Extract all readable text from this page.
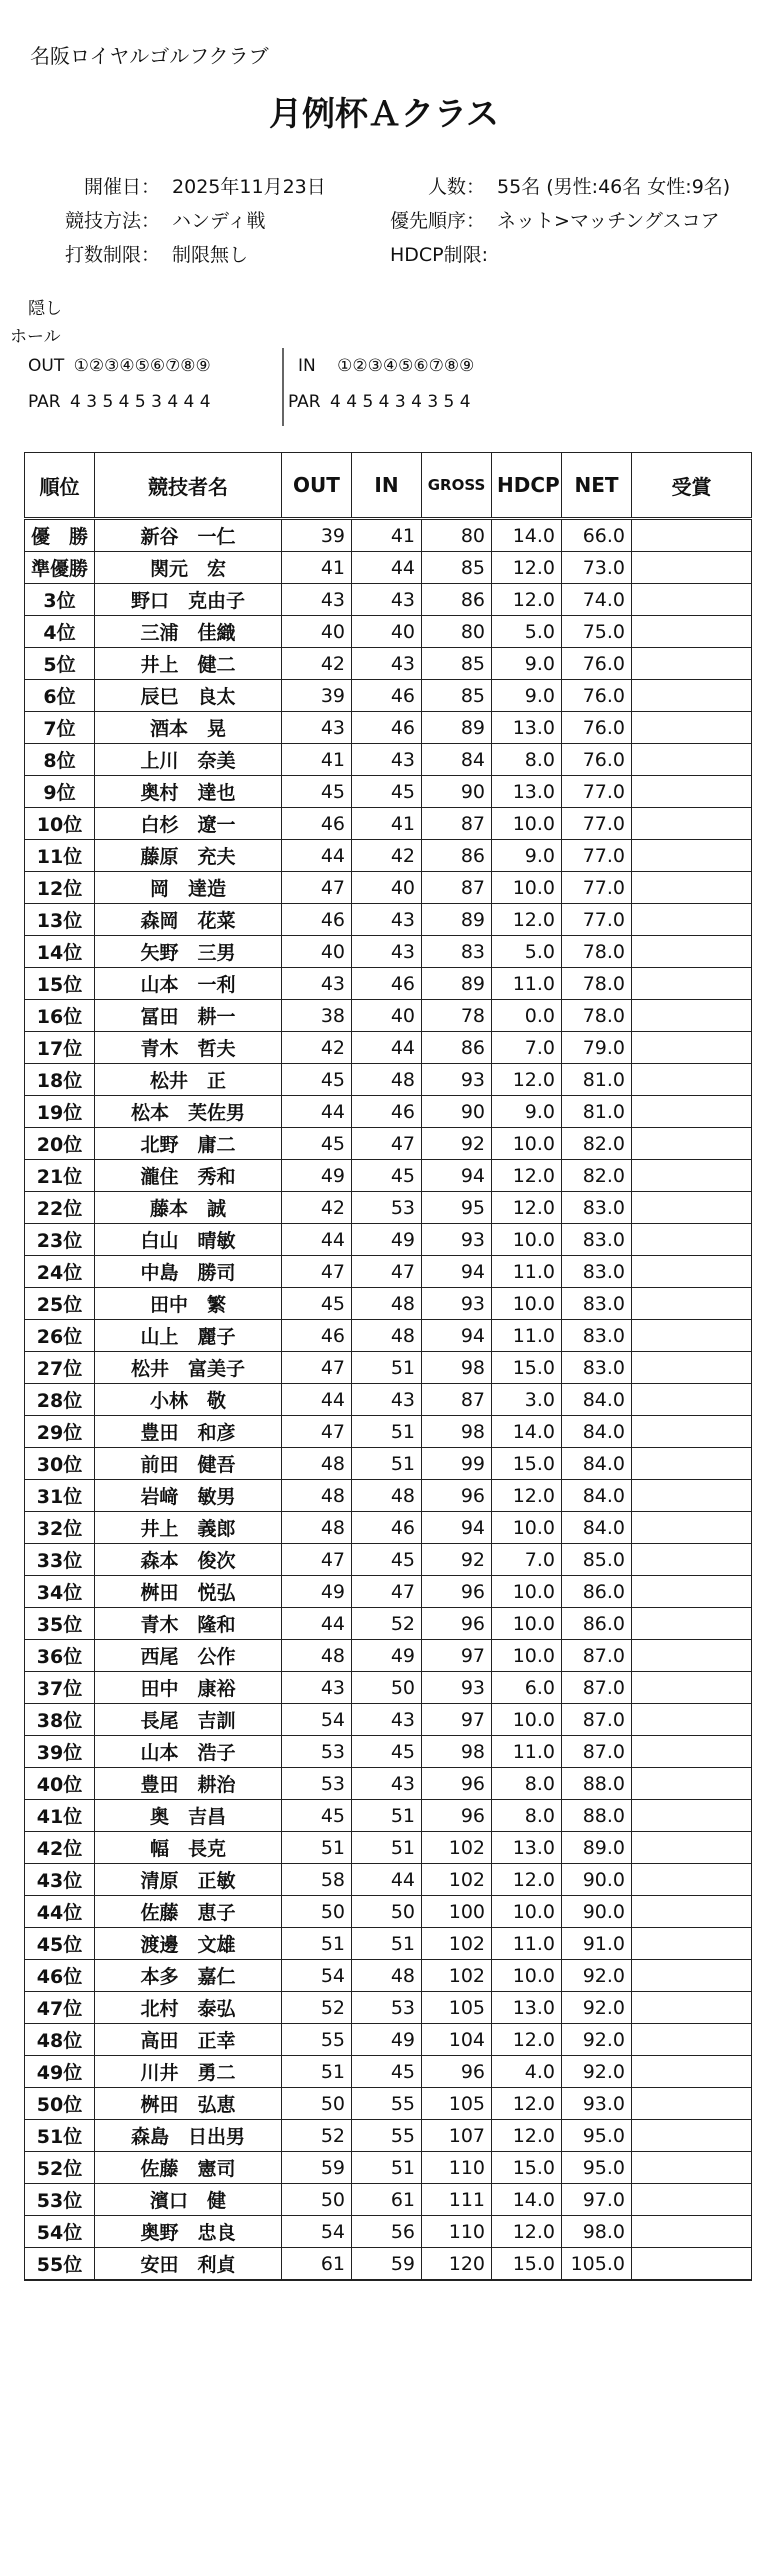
名阪ロイヤルゴルフクラブ
月例杯Ａクラス
開催日： 2025年11月23日	人数： 55名 (男性:46名 女性:9名)
競技方法： ハンディ戦	優先順序： ネット>マッチングスコア
打数制限： 制限無し	HDCP制限:
隠し
ホール
OUT ①②③④⑤⑥⑦⑧⑨	IN ①②③④⑤⑥⑦⑧⑨
PAR 4 3 5 4 5 3 4 4 4	PAR 4 4 5 4 3 4 3 5 4
順位	競技者名	OUT	IN	GROSS	HDCP	NET	受賞
優　勝	新谷　一仁	39	41	80	14.0	66.0	
準優勝	関元　宏	41	44	85	12.0	73.0	
3位	野口　克由子	43	43	86	12.0	74.0	
4位	三浦　佳織	40	40	80	5.0	75.0	
5位	井上　健二	42	43	85	9.0	76.0	
6位	辰巳　良太	39	46	85	9.0	76.0	
7位	酒本　晃	43	46	89	13.0	76.0	
8位	上川　奈美	41	43	84	8.0	76.0	
9位	奥村　達也	45	45	90	13.0	77.0	
10位	白杉　遼一	46	41	87	10.0	77.0	
11位	藤原　充夫	44	42	86	9.0	77.0	
12位	岡　達造	47	40	87	10.0	77.0	
13位	森岡　花菜	46	43	89	12.0	77.0	
14位	矢野　三男	40	43	83	5.0	78.0	
15位	山本　一利	43	46	89	11.0	78.0	
16位	冨田　耕一	38	40	78	0.0	78.0	
17位	青木　哲夫	42	44	86	7.0	79.0	
18位	松井　正	45	48	93	12.0	81.0	
19位	松本　芙佐男	44	46	90	9.0	81.0	
20位	北野　庸二	45	47	92	10.0	82.0	
21位	瀧住　秀和	49	45	94	12.0	82.0	
22位	藤本　誠	42	53	95	12.0	83.0	
23位	白山　晴敏	44	49	93	10.0	83.0	
24位	中島　勝司	47	47	94	11.0	83.0	
25位	田中　繁	45	48	93	10.0	83.0	
26位	山上　麗子	46	48	94	11.0	83.0	
27位	松井　富美子	47	51	98	15.0	83.0	
28位	小林　敬	44	43	87	3.0	84.0	
29位	豊田　和彦	47	51	98	14.0	84.0	
30位	前田　健吾	48	51	99	15.0	84.0	
31位	岩﨑　敏男	48	48	96	12.0	84.0	
32位	井上　義郎	48	46	94	10.0	84.0	
33位	森本　俊次	47	45	92	7.0	85.0	
34位	桝田　悦弘	49	47	96	10.0	86.0	
35位	青木　隆和	44	52	96	10.0	86.0	
36位	西尾　公作	48	49	97	10.0	87.0	
37位	田中　康裕	43	50	93	6.0	87.0	
38位	長尾　吉訓	54	43	97	10.0	87.0	
39位	山本　浩子	53	45	98	11.0	87.0	
40位	豊田　耕治	53	43	96	8.0	88.0	
41位	奥　吉昌	45	51	96	8.0	88.0	
42位	幅　長克	51	51	102	13.0	89.0	
43位	清原　正敏	58	44	102	12.0	90.0	
44位	佐藤　恵子	50	50	100	10.0	90.0	
45位	渡邊　文雄	51	51	102	11.0	91.0	
46位	本多　嘉仁	54	48	102	10.0	92.0	
47位	北村　泰弘	52	53	105	13.0	92.0	
48位	高田　正幸	55	49	104	12.0	92.0	
49位	川井　勇二	51	45	96	4.0	92.0	
50位	桝田　弘恵	50	55	105	12.0	93.0	
51位	森島　日出男	52	55	107	12.0	95.0	
52位	佐藤　憲司	59	51	110	15.0	95.0	
53位	濱口　健	50	61	111	14.0	97.0	
54位	奥野　忠良	54	56	110	12.0	98.0	
55位	安田　利貞	61	59	120	15.0	105.0	
